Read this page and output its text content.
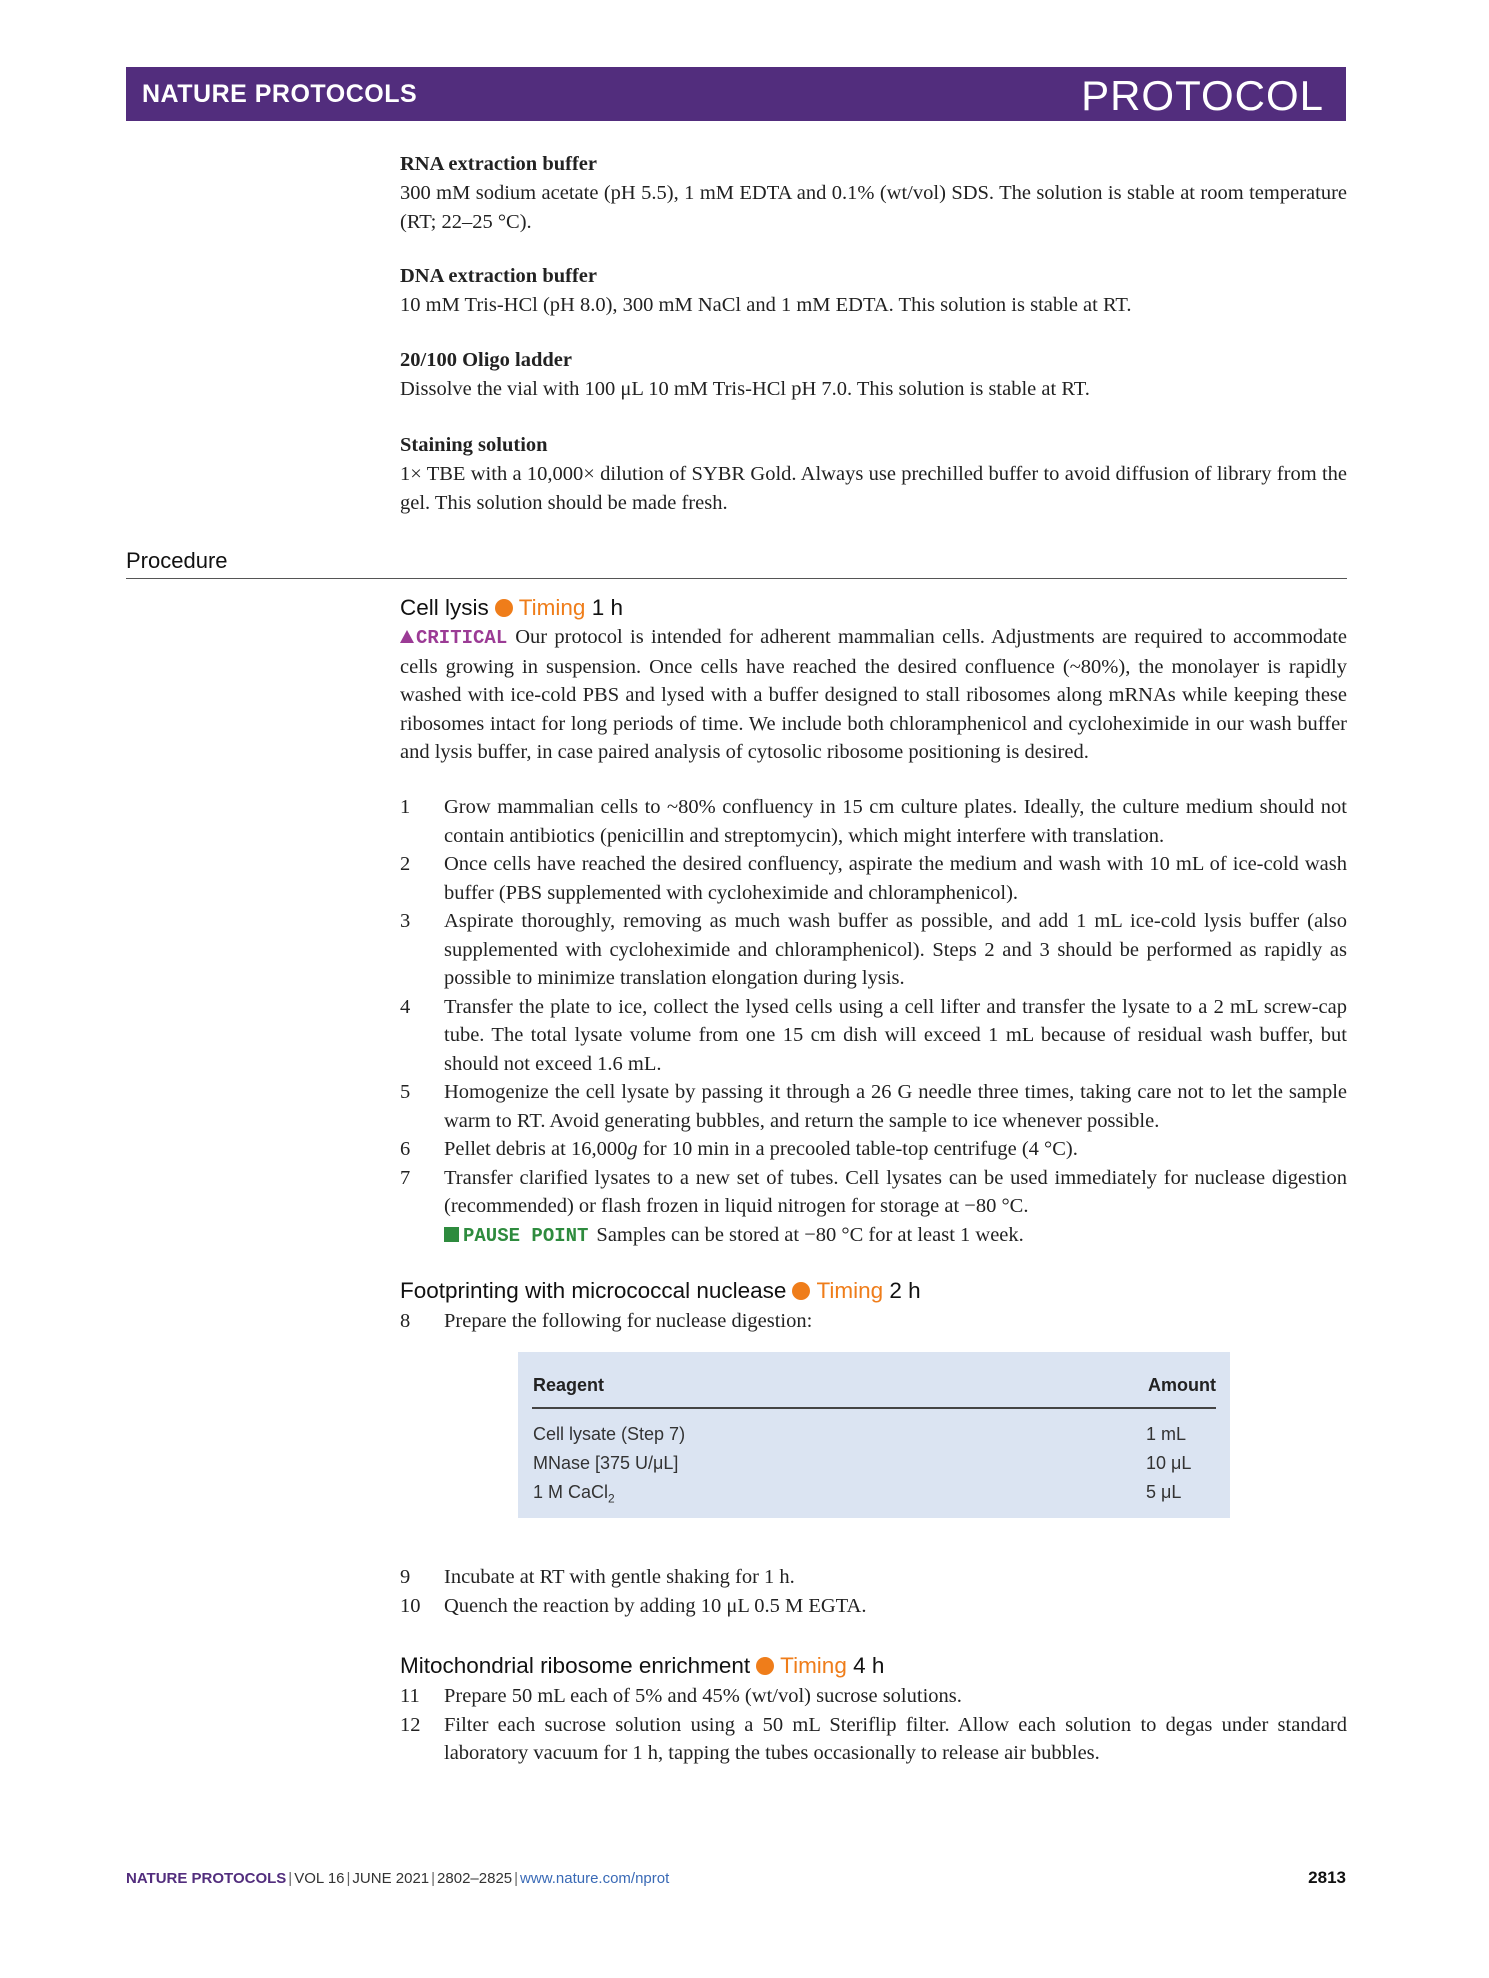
NATURE PROTOCOLS	PROTOCOL
RNA extraction buffer

300 mM sodium acetate (pH 5.5), 1 mM EDTA and 0.1% (wt/vol) SDS. The solution is stable at room temperature (RT; 22–25 °C).

DNA extraction buffer

10 mM Tris-HCl (pH 8.0), 300 mM NaCl and 1 mM EDTA. This solution is stable at RT.

20/100 Oligo ladder

Dissolve the vial with 100 μL 10 mM Tris-HCl pH 7.0. This solution is stable at RT.

Staining solution

1× TBE with a 10,000× dilution of SYBR Gold. Always use prechilled buffer to avoid diffusion of library from the gel. This solution should be made fresh.

Procedure
Cell lysis Timing 1 h
CRITICAL Our protocol is intended for adherent mammalian cells. Adjustments are required to accommodate cells growing in suspension. Once cells have reached the desired confluence (~80%), the monolayer is rapidly washed with ice-cold PBS and lysed with a buffer designed to stall ribosomes along mRNAs while keeping these ribosomes intact for long periods of time. We include both chloramphenicol and cycloheximide in our wash buffer and lysis buffer, in case paired analysis of cytosolic ribosome positioning is desired.
1 Grow mammalian cells to ~80% confluency in 15 cm culture plates. Ideally, the culture medium should not contain antibiotics (penicillin and streptomycin), which might interfere with translation.
2 Once cells have reached the desired confluency, aspirate the medium and wash with 10 mL of ice-cold wash buffer (PBS supplemented with cycloheximide and chloramphenicol).
3 Aspirate thoroughly, removing as much wash buffer as possible, and add 1 mL ice-cold lysis buffer (also supplemented with cycloheximide and chloramphenicol). Steps 2 and 3 should be performed as rapidly as possible to minimize translation elongation during lysis.
4 Transfer the plate to ice, collect the lysed cells using a cell lifter and transfer the lysate to a 2 mL screw-cap tube. The total lysate volume from one 15 cm dish will exceed 1 mL because of residual wash buffer, but should not exceed 1.6 mL.
5 Homogenize the cell lysate by passing it through a 26 G needle three times, taking care not to let the sample warm to RT. Avoid generating bubbles, and return the sample to ice whenever possible.
6 Pellet debris at 16,000g for 10 min in a precooled table-top centrifuge (4 °C).
7 Transfer clarified lysates to a new set of tubes. Cell lysates can be used immediately for nuclease digestion (recommended) or flash frozen in liquid nitrogen for storage at −80 °C.
PAUSE POINT Samples can be stored at −80 °C for at least 1 week.
Footprinting with micrococcal nuclease Timing 2 h
8 Prepare the following for nuclease digestion:
Reagent	Amount
Cell lysate (Step 7)	1 mL
MNase [375 U/μL]	10 μL
1 M CaCl$_2$	5 μL
9 Incubate at RT with gentle shaking for 1 h.
10 Quench the reaction by adding 10 μL 0.5 M EGTA.
Mitochondrial ribosome enrichment Timing 4 h
11 Prepare 50 mL each of 5% and 45% (wt/vol) sucrose solutions.
12 Filter each sucrose solution using a 50 mL Steriflip filter. Allow each solution to degas under standard laboratory vacuum for 1 h, tapping the tubes occasionally to release air bubbles.
NATURE PROTOCOLS | VOL 16 | JUNE 2021 | 2802–2825 | www.nature.com/nprot	2813
